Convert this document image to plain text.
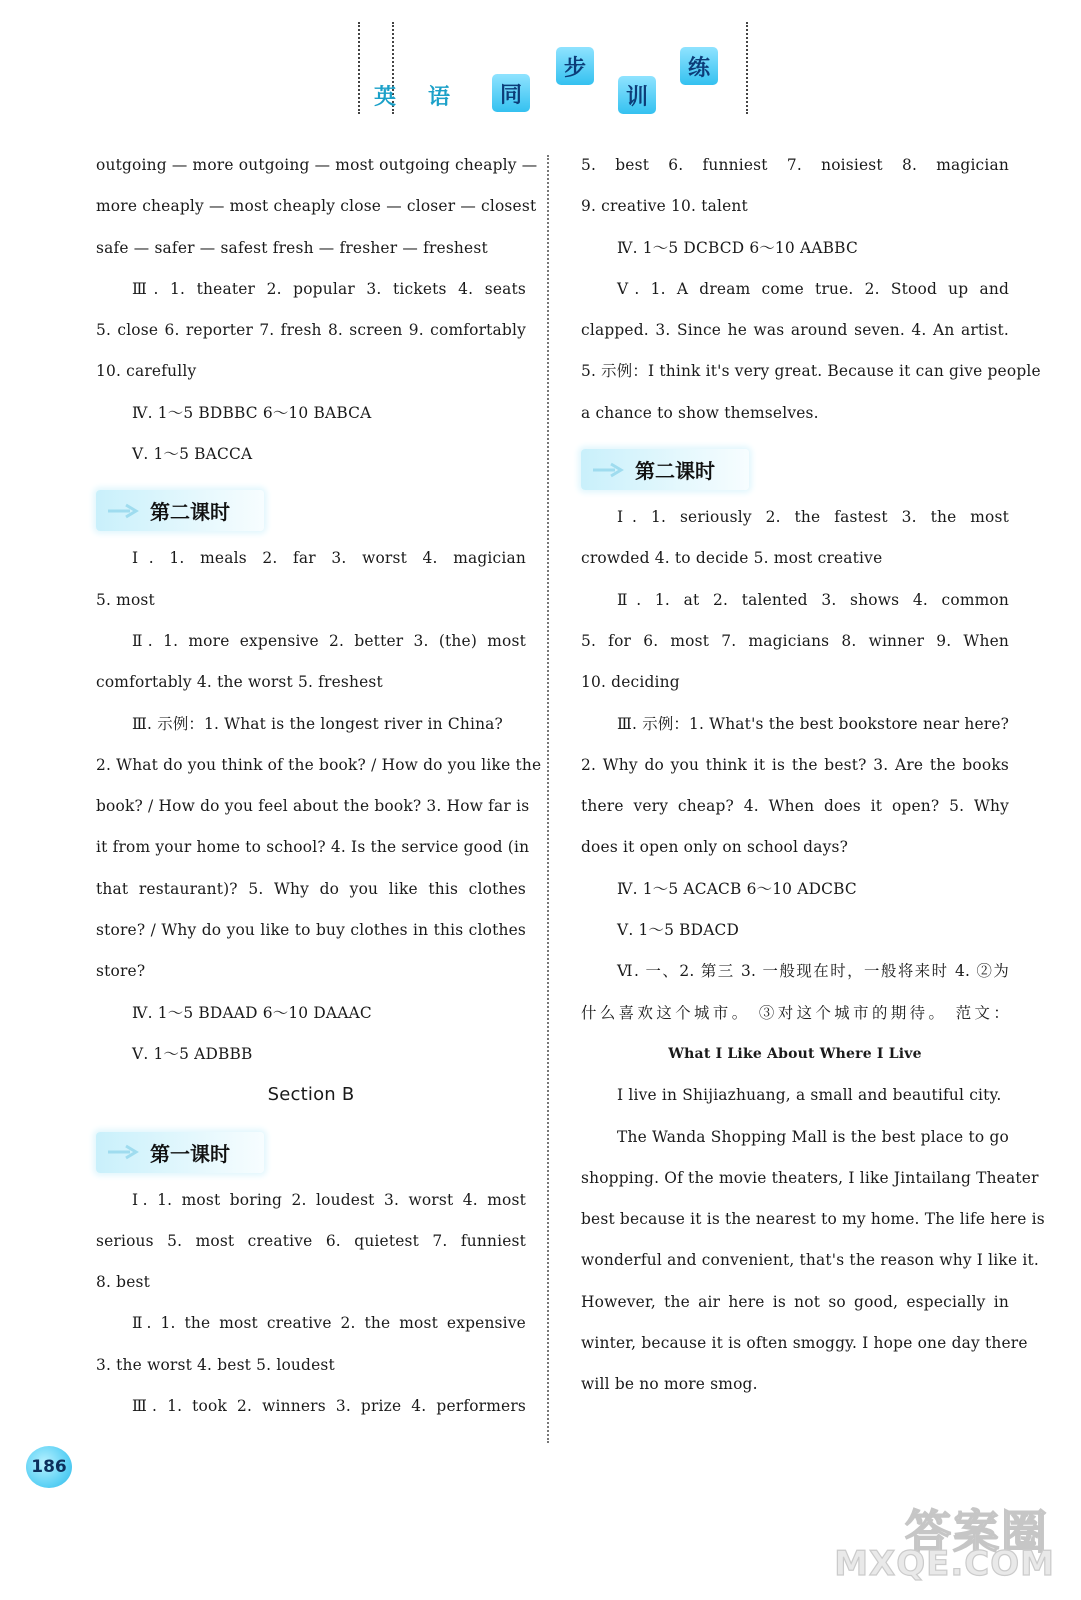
英	语	同
步
训
练
outgoing — more outgoing — most outgoing cheaply —
more cheaply — most cheaply close — closer — closest
safe — safer — safest fresh — fresher — freshest
Ⅲ. 1. theater 2. popular 3. tickets 4. seats
5. close 6. reporter 7. fresh 8. screen 9. comfortably
10. carefully
Ⅳ. 1～5 BDBBC 6～10 BABCA
Ⅴ. 1～5 BACCA
第二课时
Ⅰ. 1. meals 2. far 3. worst 4. magician
5. most
Ⅱ. 1. more expensive 2. better 3. (the) most
comfortably 4. the worst 5. freshest
Ⅲ. 示例：1. What is the longest river in China?
2. What do you think of the book? / How do you like the
book? / How do you feel about the book? 3. How far is
it from your home to school? 4. Is the service good (in
that restaurant)? 5. Why do you like this clothes
store? / Why do you like to buy clothes in this clothes
store?
Ⅳ. 1～5 BDAAD 6～10 DAAAC
Ⅴ. 1～5 ADBBB
Section B
第一课时
Ⅰ. 1. most boring 2. loudest 3. worst 4. most
serious 5. most creative 6. quietest 7. funniest
8. best
Ⅱ. 1. the most creative 2. the most expensive
3. the worst 4. best 5. loudest
Ⅲ. 1. took 2. winners 3. prize 4. performers
5. best 6. funniest 7. noisiest 8. magician
9. creative 10. talent
Ⅳ. 1～5 DCBCD 6～10 AABBC
Ⅴ. 1. A dream come true. 2. Stood up and
clapped. 3. Since he was around seven. 4. An artist.
5. 示例：I think it's very great. Because it can give people
a chance to show themselves.
第二课时
Ⅰ. 1. seriously 2. the fastest 3. the most
crowded 4. to decide 5. most creative
Ⅱ. 1. at 2. talented 3. shows 4. common
5. for 6. most 7. magicians 8. winner 9. When
10. deciding
Ⅲ. 示例：1. What's the best bookstore near here?
2. Why do you think it is the best? 3. Are the books
there very cheap? 4. When does it open? 5. Why
does it open only on school days?
Ⅳ. 1～5 ACACB 6～10 ADCBC
Ⅴ. 1～5 BDACD
Ⅵ. 一、2. 第三 3. 一般现在时，一般将来时 4. ②为
什么喜欢这个城市。 ③对这个城市的期待。 范文：
What I Like About Where I Live
I live in Shijiazhuang, a small and beautiful city.
The Wanda Shopping Mall is the best place to go
shopping. Of the movie theaters, I like Jintailang Theater
best because it is the nearest to my home. The life here is
wonderful and convenient, that's the reason why I like it.
However, the air here is not so good, especially in
winter, because it is often smoggy. I hope one day there
will be no more smog.
186
答案圈
MXQE.COM
